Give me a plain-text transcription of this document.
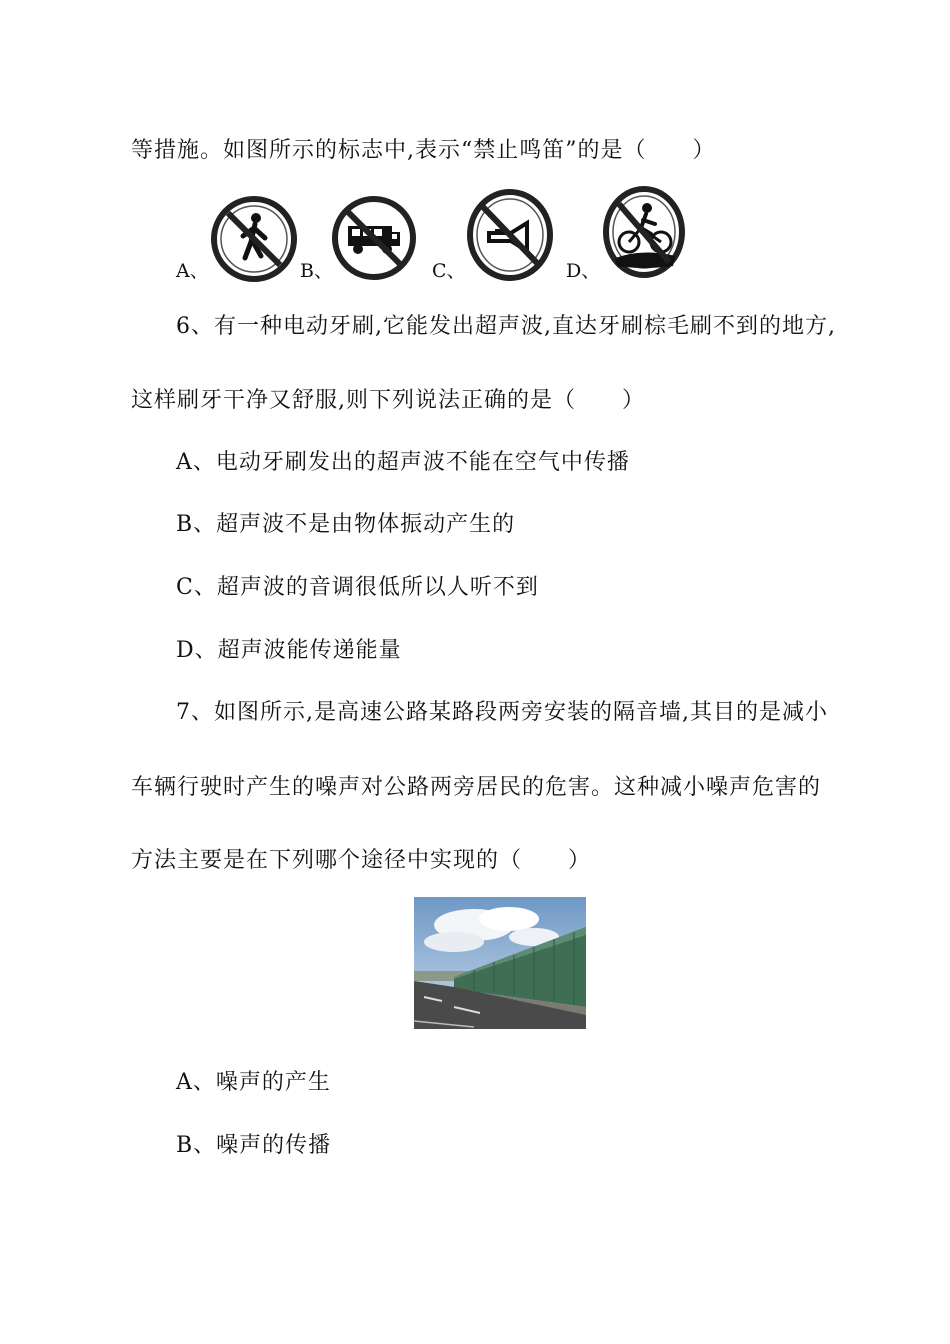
等措施。如图所示的标志中,表示“禁止鸣笛”的是（　　）
A、	B、	C、	D、
6、有一种电动牙刷,它能发出超声波,直达牙刷棕毛刷不到的地方,
这样刷牙干净又舒服,则下列说法正确的是（　　）
A、电动牙刷发出的超声波不能在空气中传播
B、超声波不是由物体振动产生的
C、超声波的音调很低所以人听不到
D、超声波能传递能量
7、如图所示,是高速公路某路段两旁安装的隔音墙,其目的是减小
车辆行驶时产生的噪声对公路两旁居民的危害。这种减小噪声危害的
方法主要是在下列哪个途径中实现的（　　）
A、噪声的产生
B、噪声的传播
